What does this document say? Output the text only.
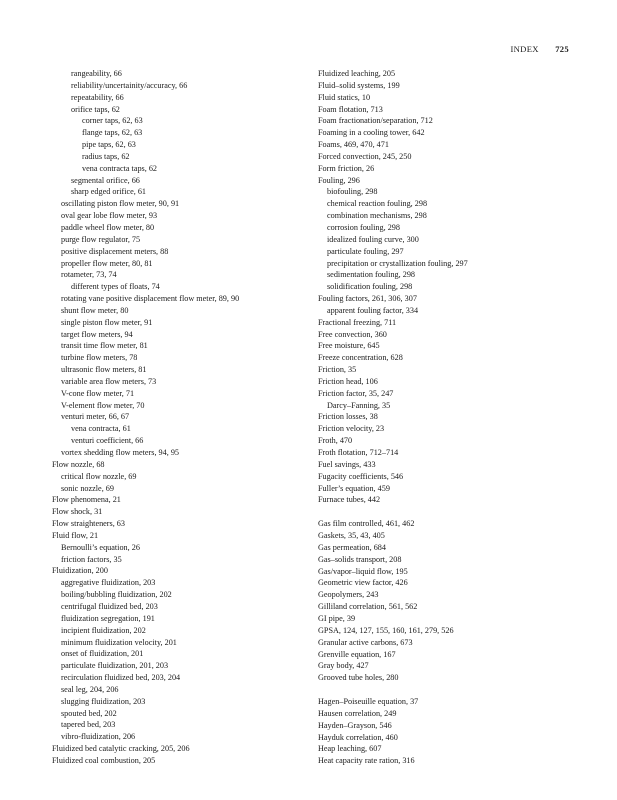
INDEX 725
rangeability, 66
reliability/uncertainity/accuracy, 66
repeatability, 66
orifice taps, 62
corner taps, 62, 63
flange taps, 62, 63
pipe taps, 62, 63
radius taps, 62
vena contracta taps, 62
segmental orifice, 66
sharp edged orifice, 61
oscillating piston flow meter, 90, 91
oval gear lobe flow meter, 93
paddle wheel flow meter, 80
purge flow regulator, 75
positive displacement meters, 88
propeller flow meter, 80, 81
rotameter, 73, 74
different types of floats, 74
rotating vane positive displacement flow meter, 89, 90
shunt flow meter, 80
single piston flow meter, 91
target flow meters, 94
transit time flow meter, 81
turbine flow meters, 78
ultrasonic flow meters, 81
variable area flow meters, 73
V-cone flow meter, 71
V-element flow meter, 70
venturi meter, 66, 67
vena contracta, 61
venturi coefficient, 66
vortex shedding flow meters, 94, 95
Flow nozzle, 68
critical flow nozzle, 69
sonic nozzle, 69
Flow phenomena, 21
Flow shock, 31
Flow straighteners, 63
Fluid flow, 21
Bernoulli’s equation, 26
friction factors, 35
Fluidization, 200
aggregative fluidization, 203
boiling/bubbling fluidization, 202
centrifugal fluidized bed, 203
fluidization segregation, 191
incipient fluidization, 202
minimum fluidization velocity, 201
onset of fluidization, 201
particulate fluidization, 201, 203
recirculation fluidized bed, 203, 204
seal leg, 204, 206
slugging fluidization, 203
spouted bed, 202
tapered bed, 203
vibro-fluidization, 206
Fluidized bed catalytic cracking, 205, 206
Fluidized coal combustion, 205
Fluidized leaching, 205
Fluid–solid systems, 199
Fluid statics, 10
Foam flotation, 713
Foam fractionation/separation, 712
Foaming in a cooling tower, 642
Foams, 469, 470, 471
Forced convection, 245, 250
Form friction, 26
Fouling, 296
biofouling, 298
chemical reaction fouling, 298
combination mechanisms, 298
corrosion fouling, 298
idealized fouling curve, 300
particulate fouling, 297
precipitation or crystallization fouling, 297
sedimentation fouling, 298
solidification fouling, 298
Fouling factors, 261, 306, 307
apparent fouling factor, 334
Fractional freezing, 711
Free convection, 360
Free moisture, 645
Freeze concentration, 628
Friction, 35
Friction head, 106
Friction factor, 35, 247
Darcy–Fanning, 35
Friction losses, 38
Friction velocity, 23
Froth, 470
Froth flotation, 712–714
Fuel savings, 433
Fugacity coefficients, 546
Fuller’s equation, 459
Furnace tubes, 442
Gas film controlled, 461, 462
Gaskets, 35, 43, 405
Gas permeation, 684
Gas–solids transport, 208
Gas/vapor–liquid flow, 195
Geometric view factor, 426
Geopolymers, 243
Gilliland correlation, 561, 562
GI pipe, 39
GPSA, 124, 127, 155, 160, 161, 279, 526
Granular active carbons, 673
Grenville equation, 167
Gray body, 427
Grooved tube holes, 280
Hagen–Poiseuille equation, 37
Hausen correlation, 249
Hayden–Grayson, 546
Hayduk correlation, 460
Heap leaching, 607
Heat capacity rate ration, 316
